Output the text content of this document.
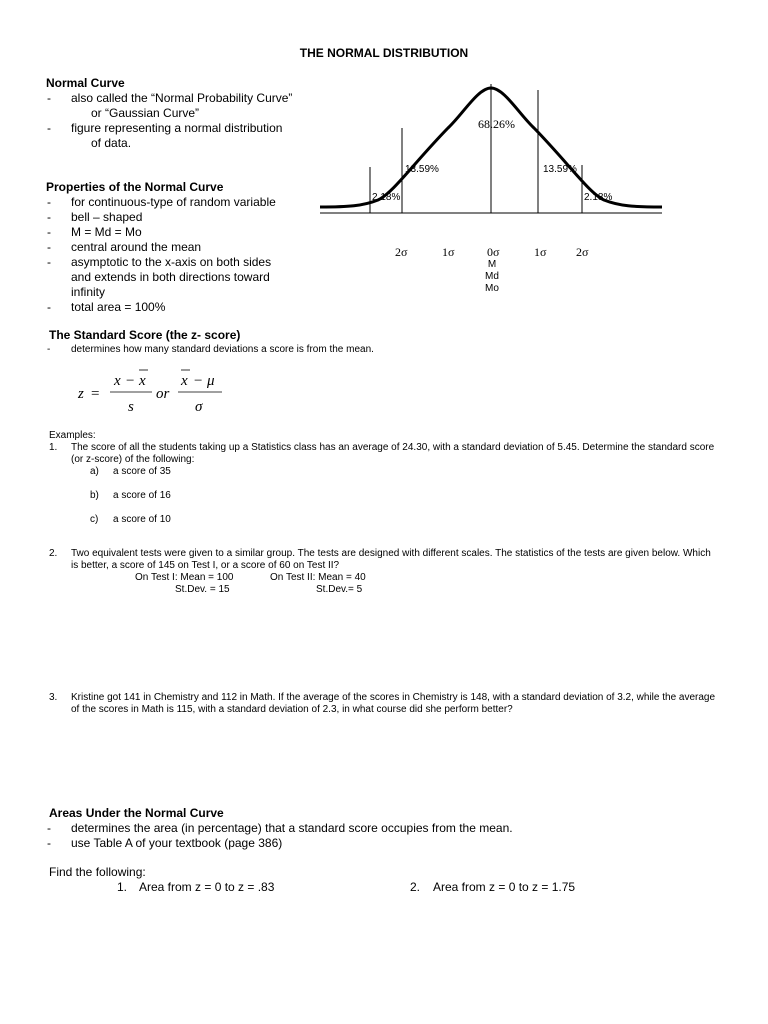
THE NORMAL DISTRIBUTION
Normal Curve
- also called the “Normal Probability Curve”
or “Gaussian Curve”
- figure representing a normal distribution
of data.
Properties of the Normal Curve
- for continuous-type of random variable
- bell – shaped
- M = Md = Mo
- central around the mean
- asymptotic to the x-axis on both sides
and extends in both directions toward
infinity
- total area = 100%
68.26%
13.59%	13.59%
2.18%	2.18%
2σ	1σ	0σ	1σ 2σ
M
Md
Mo
The Standard Score (the z- score)
- determines how many standard deviations a score is from the mean.
z =
x − x
s
or
x − μ
σ
Examples:
1. The score of all the students taking up a Statistics class has an average of 24.30, with a standard deviation of 5.45. Determine the standard score
(or z-score) of the following:
a) a score of 35
b) a score of 16
c) a score of 10
2. Two equivalent tests were given to a similar group. The tests are designed with different scales. The statistics of the tests are given below. Which
is better, a score of 145 on Test I, or a score of 60 on Test II?
On Test I: Mean = 100	On Test II: Mean = 40
St.Dev. = 15	St.Dev.= 5
3. Kristine got 141 in Chemistry and 112 in Math. If the average of the scores in Chemistry is 148, with a standard deviation of 3.2, while the average
of the scores in Math is 115, with a standard deviation of 2.3, in what course did she perform better?
Areas Under the Normal Curve
- determines the area (in percentage) that a standard score occupies from the mean.
- use Table A of your textbook (page 386)
Find the following:
1. Area from z = 0 to z = .83	2. Area from z = 0 to z = 1.75
